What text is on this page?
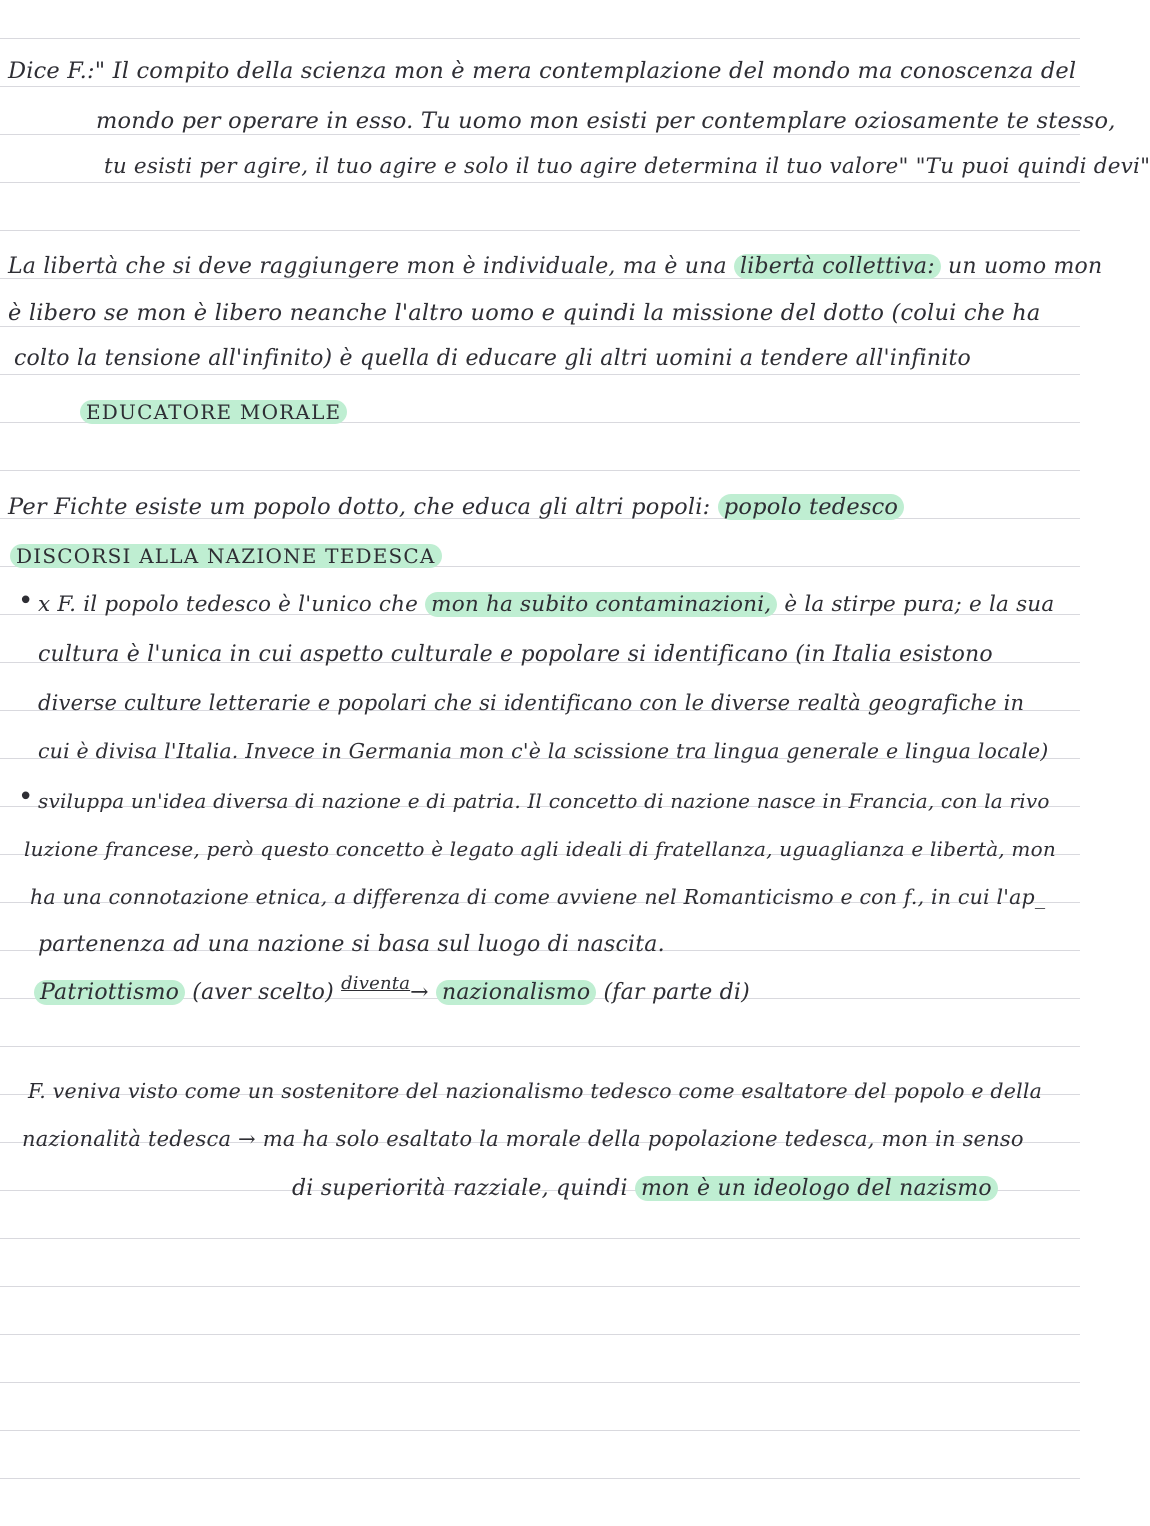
Dice F.:" Il compito della scienza mon è mera contemplazione del mondo ma conoscenza del
mondo per operare in esso. Tu uomo mon esisti per contemplare oziosamente te stesso,
tu esisti per agire, il tuo agire e solo il tuo agire determina il tuo valore" "Tu puoi quindi devi"
La libertà che si deve raggiungere mon è individuale, ma è una libertà collettiva: un uomo mon
è libero se mon è libero neanche l'altro uomo e quindi la missione del dotto (colui che ha
colto la tensione all'infinito) è quella di educare gli altri uomini a tendere all'infinito
EDUCATORE MORALE
Per Fichte esiste um popolo dotto, che educa gli altri popoli: popolo tedesco
DISCORSI ALLA NAZIONE TEDESCA
• x F. il popolo tedesco è l'unico che mon ha subito contaminazioni, è la stirpe pura; e la sua
cultura è l'unica in cui aspetto culturale e popolare si identificano (in Italia esistono
diverse culture letterarie e popolari che si identificano con le diverse realtà geografiche in
cui è divisa l'Italia. Invece in Germania mon c'è la scissione tra lingua generale e lingua locale)
• sviluppa un'idea diversa di nazione e di patria. Il concetto di nazione nasce in Francia, con la rivo
luzione francese, però questo concetto è legato agli ideali di fratellanza, uguaglianza e libertà, mon
ha una connotazione etnica, a differenza di come avviene nel Romanticismo e con f., in cui l'ap_
partenenza ad una nazione si basa sul luogo di nascita.
Patriottismo (aver scelto) $^{diventa}$→ nazionalismo (far parte di)
F. veniva visto come un sostenitore del nazionalismo tedesco come esaltatore del popolo e della
nazionalità tedesca → ma ha solo esaltato la morale della popolazione tedesca, mon in senso
di superiorità razziale, quindi mon è un ideologo del nazismo
